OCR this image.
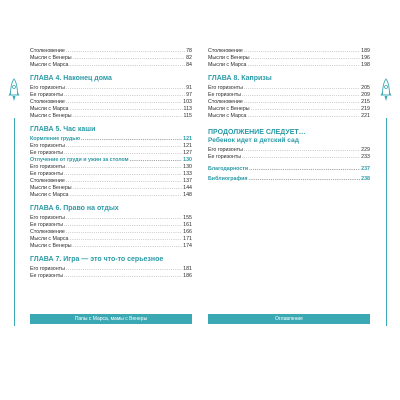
Столкновение .....	78
Мысли с Венеры .....	82
Мысли с Марса .....	84
ГЛАВА 4. Наконец дома
Его горизонты .....	91
Ее горизонты .....	97
Столкновение .....	103
Мысли с Марса .....	113
Мысли с Венеры .....	115
ГЛАВА 5. Час каши
Кормление грудью .....	121
Его горизонты .....	121
Ее горизонты .....	127
Отлучение от груди и ужин за столом .....	130
Его горизонты .....	130
Ее горизонты .....	133
Столкновение .....	137
Мысли с Венеры .....	144
Мысли с Марса .....	148
ГЛАВА 6. Право на отдых
Его горизонты .....	155
Ее горизонты .....	161
Столкновение .....	166
Мысли с Марса .....	171
Мысли с Венеры .....	174
ГЛАВА 7. Игра — это что-то серьезное
Его горизонты .....	181
Ее горизонты .....	186
Столкновение .....	189
Мысли с Венеры .....	196
Мысли с Марса .....	198
ГЛАВА 8. Капризы
Его горизонты .....	205
Ее горизонты .....	209
Столкновение .....	215
Мысли с Венеры .....	219
Мысли с Марса .....	221
ПРОДОЛЖЕНИЕ СЛЕДУЕТ…
Ребенок идет в детский сад
Его горизонты .....	229
Ее горизонты .....	233
Благодарности .....	237
Библиография .....	238
Папы с Марса, мамы с Венеры	Оглавление
